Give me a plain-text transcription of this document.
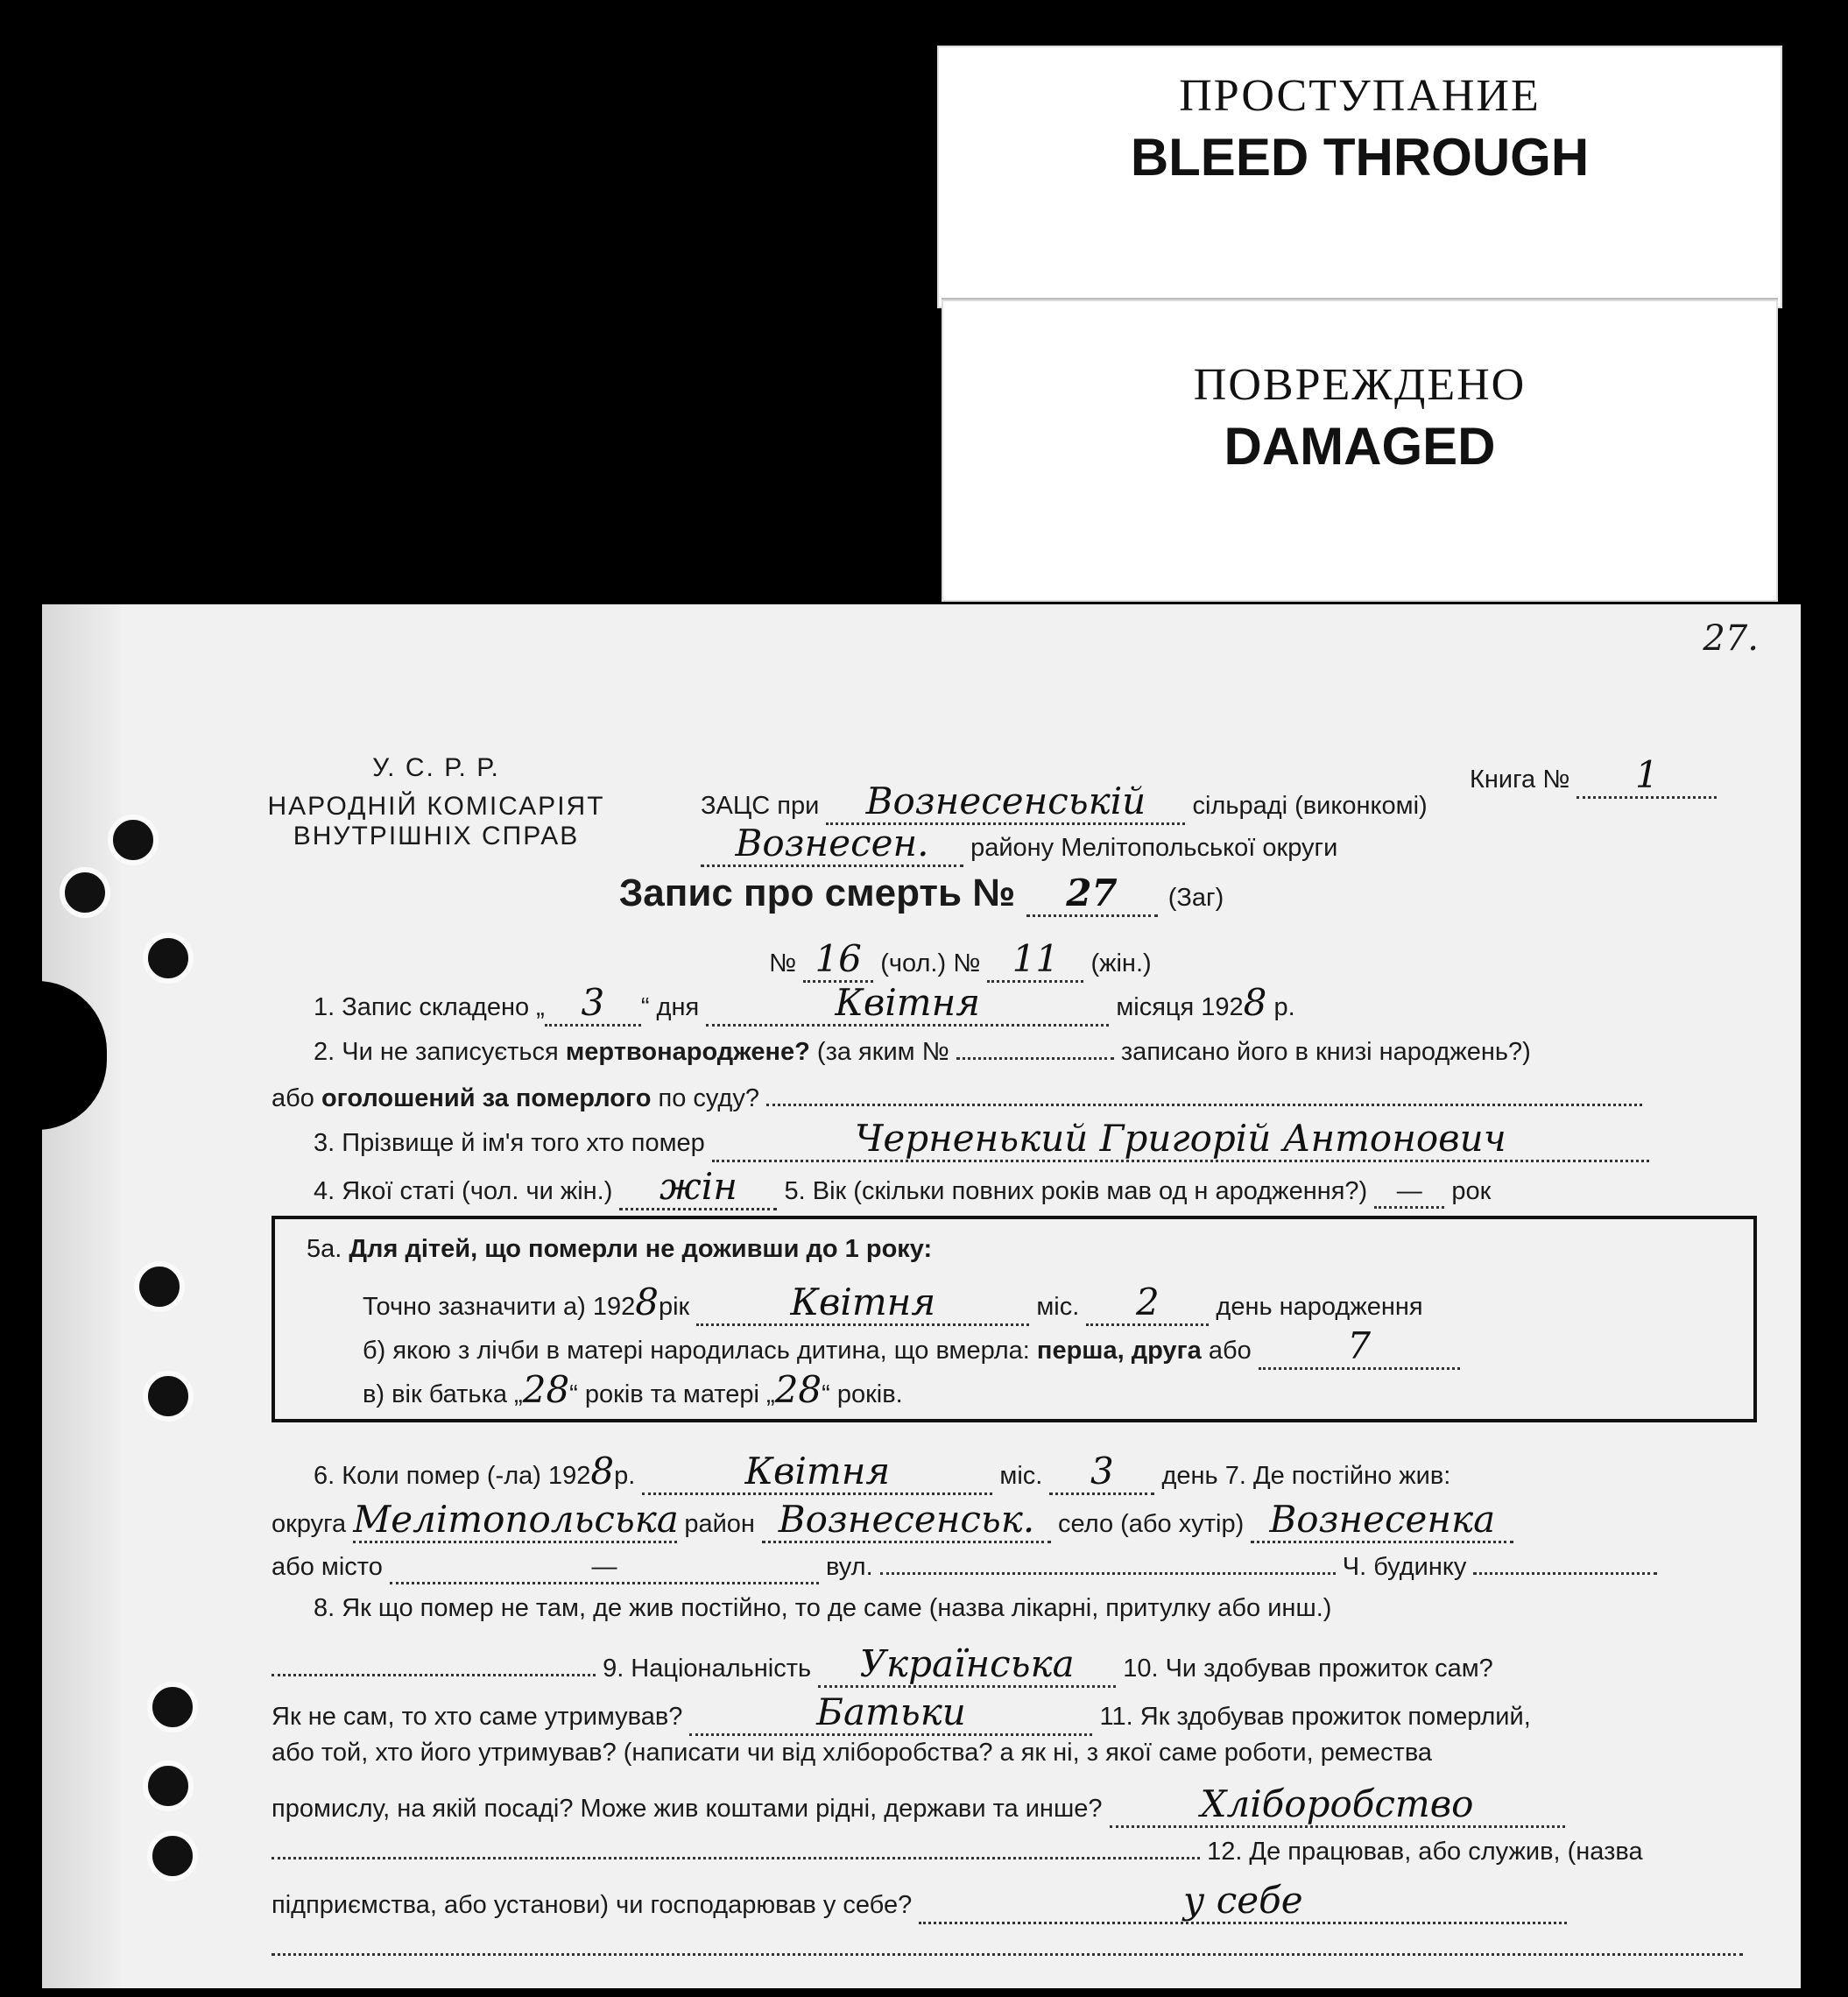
ПРОСТУПАНИЕ
BLEED THROUGH
ПОВРЕЖДЕНО
DAMAGED
27.
У. С. Р. Р.
НАРОДНІЙ КОМІСАРІЯТ
ВНУТРІШНІХ СПРАВ
Книга № 1
ЗАЦС при Вознесенській сільраді (виконкомі)
Вознесен. району Мелітопольської округи
Запис про смерть № 27 (Заг)
№ 16 (чол.) № 11 (жін.)
1. Запис складено „ 3 “ дня	Квітня	місяця 1928 р.
2. Чи не записується мертвонароджене? (за яким №	записано його в книзі народжень?)
або оголошений за померлого по суду?
3. Прізвище й ім'я того хто помер	Черненький Григорій Антонович
4. Якої статі (чол. чи жін.) жін 5. Вік (скільки повних років мав од н ародження?) — рок
5а. Для дітей, що померли не доживши до 1 року:
Точно зазначити а) 1928рік	Квітня	міс. 2 день народження
б) якою з лічби в матері народилась дитина, що вмерла: перша, друга або	7
в) вік батька „28“ років та матері „28“ років.
6. Коли помер (-ла) 1928р.	Квітня	міс. 3 день 7. Де постійно жив:
округа Мелітопольська район Вознесенськ. село (або хутір) Вознесенка
або місто	—	вул.	Ч. будинку
8. Як що помер не там, де жив постійно, то де саме (назва лікарні, притулку або инш.)
9. Національність Українська 10. Чи здобував прожиток сам?
Як не сам, то хто саме утримував?	Батьки	11. Як здобував прожиток померлий,
або той, хто його утримував? (написати чи від хліборобства? а як ні, з якої саме роботи, ремества
промислу, на якій посаді? Може жив коштами рідні, держави та инше?	Хліборобство
12. Де працював, або служив, (назва
підприємства, або установи) чи господарював у себе?	у себе
